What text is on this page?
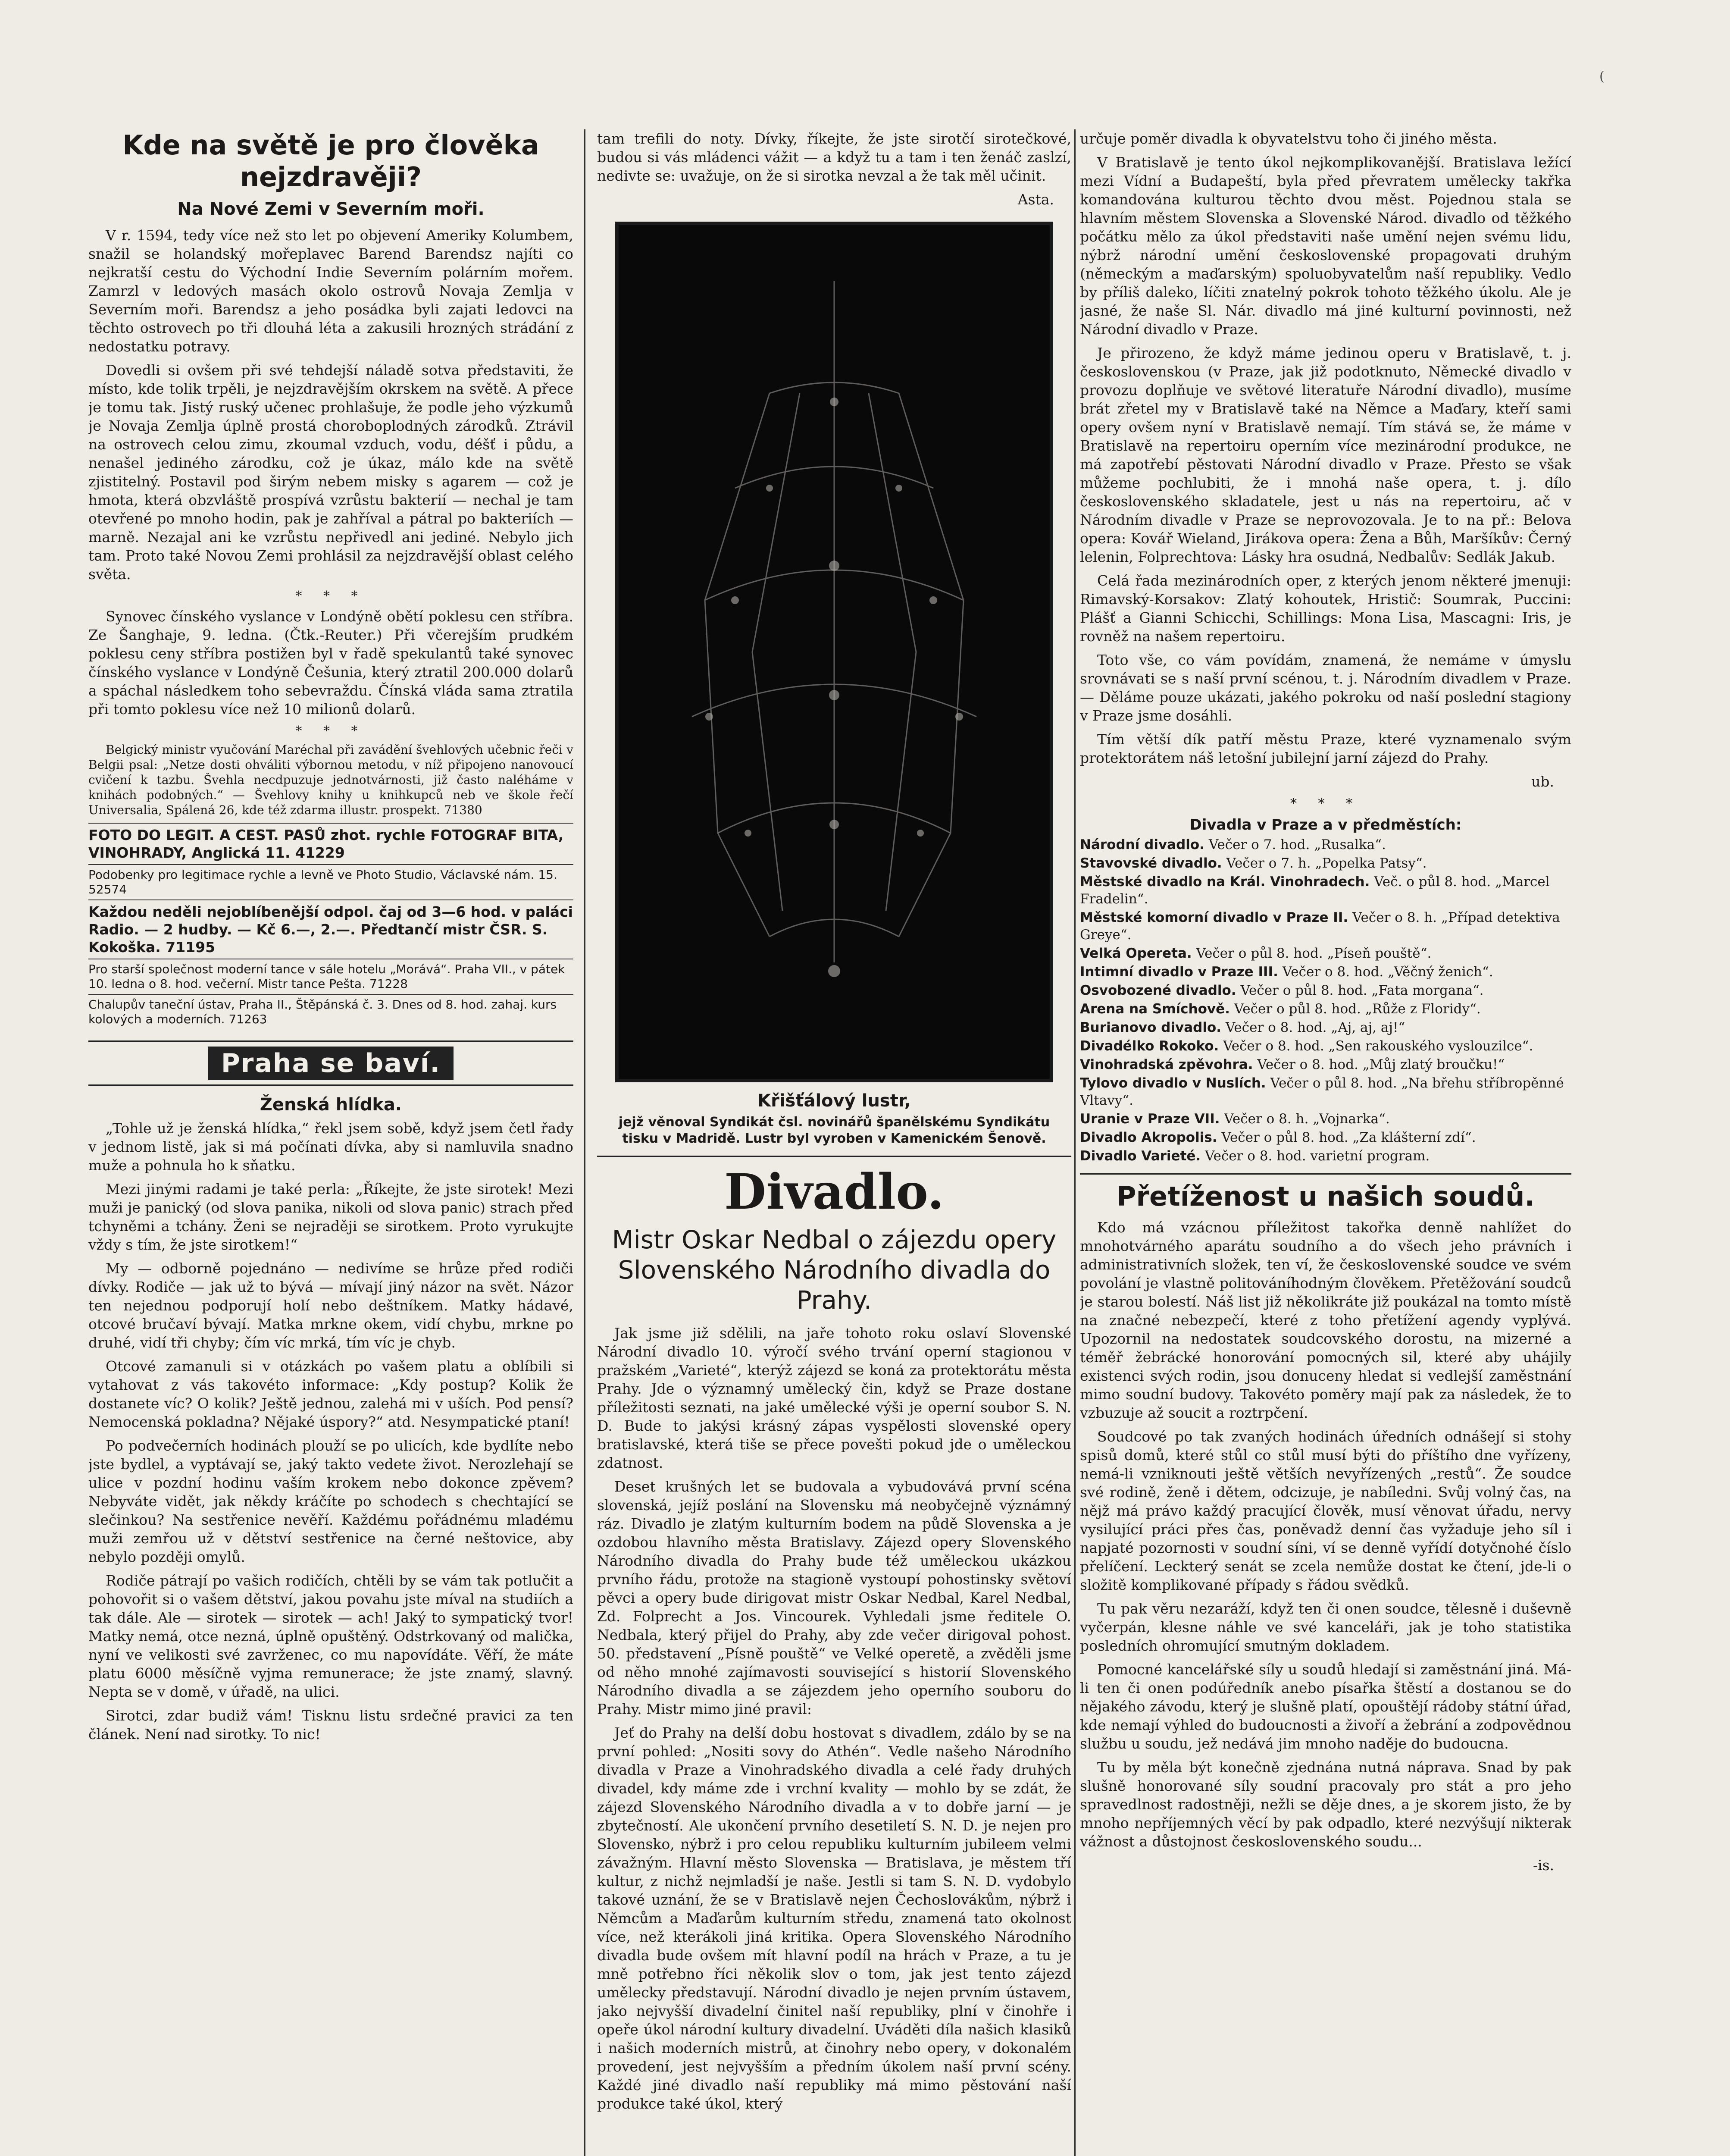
(
Kde na světě je pro člověka nejzdravěji?
Na Nové Zemi v Severním moři.

V r. 1594, tedy více než sto let po objevení Ameriky Kolumbem, snažil se holandský mořeplavec Barend Barendsz najíti co nejkratší cestu do Východní Indie Severním polárním mořem. Zamrzl v ledových masách okolo ostrovů Novaja Zemlja v Severním moři. Barendsz a jeho posádka byli zajati ledovci na těchto ostrovech po tři dlouhá léta a zakusili hrozných strádání z nedostatku potravy.

Dovedli si ovšem při své tehdejší náladě sotva představiti, že místo, kde tolik trpěli, je nejzdravějším okrskem na světě. A přece je tomu tak. Jistý ruský učenec prohlašuje, že podle jeho výzkumů je Novaja Zemlja úplně prostá choroboplodných zárodků. Ztrávil na ostrovech celou zimu, zkoumal vzduch, vodu, déšť i půdu, a nenašel jediného zárodku, což je úkaz, málo kde na světě zjistitelný. Postavil pod širým nebem misky s agarem — což je hmota, která obzvláště prospívá vzrůstu bakterií — nechal je tam otevřené po mnoho hodin, pak je zahříval a pátral po bakteriích — marně. Nezajal ani ke vzrůstu nepřivedl ani jediné. Nebylo jich tam. Proto také Novou Zemi prohlásil za nejzdravější oblast celého světa.

* * *

Synovec čínského vyslance v Londýně obětí poklesu cen stříbra. Ze Šanghaje, 9. ledna. (Čtk.-Reuter.) Při včerejším prudkém poklesu ceny stříbra postižen byl v řadě spekulantů také synovec čínského vyslance v Londýně Češunia, který ztratil 200.000 dolarů a spáchal následkem toho sebevraždu. Čínská vláda sama ztratila při tomto poklesu více než 10 milionů dolarů.

* * *

Belgický ministr vyučování Maréchal při zavádění švehlových učebnic řeči v Belgii psal: „Netze dosti ohváliti výbornou metodu, v níž připojeno nanovoucí cvičení k tazbu. Švehla necdpuzuje jednotvárnosti, již často naléháme v knihách podobných.“ — Švehlovy knihy u knihkupců neb ve škole řečí Universalia, Spálená 26, kde též zdarma illustr. prospekt. 71380

FOTO DO LEGIT. A CEST. PASŮ zhot. rychle FOTOGRAF BITA, VINOHRADY, Anglická 11. 41229
Podobenky pro legitimace rychle a levně ve Photo Studio, Václavské nám. 15. 52574
Každou neděli nejoblíbenější odpol. čaj od 3—6 hod. v paláci Radio. — 2 hudby. — Kč 6.—, 2.—. Předtančí mistr ČSR. S. Kokoška. 71195
Pro starší společnost moderní tance v sále hotelu „Morává“. Praha VII., v pátek 10. ledna o 8. hod. večerní. Mistr tance Pešta. 71228
Chalupův taneční ústav, Praha II., Štěpánská č. 3. Dnes od 8. hod. zahaj. kurs kolových a moderních. 71263
Praha se baví.
Ženská hlídka.

„Tohle už je ženská hlídka,“ řekl jsem sobě, když jsem četl řady v jednom listě, jak si má počínati dívka, aby si namluvila snadno muže a pohnula ho k sňatku.

Mezi jinými radami je také perla: „Říkejte, že jste sirotek! Mezi muži je panický (od slova panika, nikoli od slova panic) strach před tchyněmi a tchány. Ženi se nejraději se sirotkem. Proto vyrukujte vždy s tím, že jste sirotkem!“

My — odborně pojednáno — nedivíme se hrůze před rodiči dívky. Rodiče — jak už to bývá — mívají jiný názor na svět. Názor ten nejednou podporují holí nebo deštníkem. Matky hádavé, otcové bručaví bývají. Matka mrkne okem, vidí chybu, mrkne po druhé, vidí tři chyby; čím víc mrká, tím víc je chyb.

Otcové zamanuli si v otázkách po vašem platu a oblíbili si vytahovat z vás takovéto informace: „Kdy postup? Kolik že dostanete víc? O kolik? Ještě jednou, zalehá mi v uších. Pod pensí? Nemocenská pokladna? Nějaké úspory?“ atd. Nesympatické ptaní!

Po podvečerních hodinách plouží se po ulicích, kde bydlíte nebo jste bydlel, a vyptávají se, jaký takto vedete život. Nerozlehají se ulice v pozdní hodinu vaším krokem nebo dokonce zpěvem? Nebyváte vidět, jak někdy kráčíte po schodech s chechtající se slečinkou? Na sestřenice nevěří. Každému pořádnému mladému muži zemřou už v dětství sestřenice na černé neštovice, aby nebylo později omylů.

Rodiče pátrají po vašich rodičích, chtěli by se vám tak potlučit a pohovořit si o vašem dětství, jakou povahu jste míval na studiích a tak dále. Ale — sirotek — sirotek — ach! Jaký to sympatický tvor! Matky nemá, otce nezná, úplně opuštěný. Odstrkovaný od malička, nyní ve velikosti své zavrženec, co mu napovídáte. Věří, že máte platu 6000 měsíčně vyjma remunerace; že jste znamý, slavný. Nepta se v domě, v úřadě, na ulici.

Sirotci, zdar budiž vám! Tisknu listu srdečné pravici za ten článek. Není nad sirotky. To nic!

tam trefili do noty. Dívky, říkejte, že jste sirotčí sirotečkové, budou si vás mládenci vážit — a když tu a tam i ten ženáč zaslzí, nedivte se: uvažuje, on že si sirotka nevzal a že tak měl učinit.

Asta.

Křišťálový lustr,
jejž věnoval Syndikát čsl. novinářů španělskému Syndikátu tisku v Madridě. Lustr byl vyroben v Kamenickém Šenově.
Divadlo.
Mistr Oskar Nedbal o zájezdu opery Slovenského Národního divadla do Prahy.

Jak jsme již sdělili, na jaře tohoto roku oslaví Slovenské Národní divadlo 10. výročí svého trvání operní stagionou v pražském „Varieté“, kterýž zájezd se koná za protektorátu města Prahy. Jde o významný umělecký čin, když se Praze dostane příležitosti seznati, na jaké umělecké výši je operní soubor S. N. D. Bude to jakýsi krásný zápas vyspělosti slovenské opery bratislavské, která tiše se přece povešti pokud jde o uměleckou zdatnost.

Deset krušných let se budovala a vybudovává první scéna slovenská, jejíž poslání na Slovensku má neobyčejně význámný ráz. Divadlo je zlatým kulturním bodem na půdě Slovenska a je ozdobou hlavního města Bratislavy. Zájezd opery Slovenského Národního divadla do Prahy bude též uměleckou ukázkou prvního řádu, protože na stagioně vystoupí pohostinsky světoví pěvci a opery bude dirigovat mistr Oskar Nedbal, Karel Nedbal, Zd. Folprecht a Jos. Vincourek. Vyhledali jsme ředitele O. Nedbala, který přijel do Prahy, aby zde večer dirigoval pohost. 50. představení „Písně pouště“ ve Velké operetě, a zvěděli jsme od něho mnohé zajímavosti související s historií Slovenského Národního divadla a se zájezdem jeho operního souboru do Prahy. Mistr mimo jiné pravil:

Jeť do Prahy na delší dobu hostovat s divadlem, zdálo by se na první pohled: „Nositi sovy do Athén“. Vedle našeho Národního divadla v Praze a Vinohradského divadla a celé řady druhých divadel, kdy máme zde i vrchní kvality — mohlo by se zdát, že zájezd Slovenského Národního divadla a v to dobře jarní — je zbytečností. Ale ukončení prvního desetiletí S. N. D. je nejen pro Slovensko, nýbrž i pro celou republiku kulturním jubileem velmi závažným. Hlavní město Slovenska — Bratislava, je městem tří kultur, z nichž nejmladší je naše. Jestli si tam S. N. D. vydobylo takové uznání, že se v Bratislavě nejen Čechoslovákům, nýbrž i Němcům a Maďarům kulturním středu, znamená tato okolnost více, než kterákoli jiná kritika. Opera Slovenského Národního divadla bude ovšem mít hlavní podíl na hrách v Praze, a tu je mně potřebno říci několik slov o tom, jak jest tento zájezd umělecky představují. Národní divadlo je nejen prvním ústavem, jako nejvyšší divadelní činitel naší republiky, plní v činohře i opeře úkol národní kultury divadelní. Uváděti díla našich klasiků i našich moderních mistrů, at činohry nebo opery, v dokonalém provedení, jest nejvyšším a předním úkolem naší první scény. Každé jiné divadlo naší republiky má mimo pěstování naší produkce také úkol, který

určuje poměr divadla k obyvatelstvu toho či jiného města.

V Bratislavě je tento úkol nejkomplikovanější. Bratislava ležící mezi Vídní a Budapeští, byla před převratem umělecky takřka komandována kulturou těchto dvou měst. Pojednou stala se hlavním městem Slovenska a Slovenské Národ. divadlo od těžkého počátku mělo za úkol představiti naše umění nejen svému lidu, nýbrž národní umění československé propagovati druhým (německým a maďarským) spoluobyvatelům naší republiky. Vedlo by příliš daleko, líčiti znatelný pokrok tohoto těžkého úkolu. Ale je jasné, že naše Sl. Nár. divadlo má jiné kulturní povinnosti, než Národní divadlo v Praze.

Je přirozeno, že když máme jedinou operu v Bratislavě, t. j. československou (v Praze, jak již podotknuto, Německé divadlo v provozu doplňuje ve světové literatuře Národní divadlo), musíme brát zřetel my v Bratislavě také na Němce a Maďary, kteří sami opery ovšem nyní v Bratislavě nemají. Tím stává se, že máme v Bratislavě na repertoiru operním více mezinárodní produkce, ne má zapotřebí pěstovati Národní divadlo v Praze. Přesto se však můžeme pochlubiti, že i mnohá naše opera, t. j. dílo československého skladatele, jest u nás na repertoiru, ač v Národním divadle v Praze se neprovozovala. Je to na př.: Belova opera: Kovář Wieland, Jirákova opera: Žena a Bůh, Maršíkův: Černý lelenin, Folprechtova: Lásky hra osudná, Nedbalův: Sedlák Jakub.

Celá řada mezinárodních oper, z kterých jenom některé jmenuji: Rimavský-Korsakov: Zlatý kohoutek, Hristič: Soumrak, Puccini: Plášť a Gianni Schicchi, Schillings: Mona Lisa, Mascagni: Iris, je rovněž na našem repertoiru.

Toto vše, co vám povídám, znamená, že nemáme v úmyslu srovnávati se s naší první scénou, t. j. Národním divadlem v Praze. — Děláme pouze ukázati, jakého pokroku od naší poslední stagiony v Praze jsme dosáhli.

Tím větší dík patří městu Praze, které vyznamenalo svým protektorátem náš letošní jubilejní jarní zájezd do Prahy.

ub.

* * *
Divadla v Praze a v předměstích:
Národní divadlo. Večer o 7. hod. „Rusalka“.
Stavovské divadlo. Večer o 7. h. „Popelka Patsy“.
Městské divadlo na Král. Vinohradech. Več. o půl 8. hod. „Marcel Fradelin“.
Městské komorní divadlo v Praze II. Večer o 8. h. „Případ detektiva Greye“.
Velká Opereta. Večer o půl 8. hod. „Píseň pouště“.
Intimní divadlo v Praze III. Večer o 8. hod. „Věčný ženich“.
Osvobozené divadlo. Večer o půl 8. hod. „Fata morgana“.
Arena na Smíchově. Večer o půl 8. hod. „Růže z Floridy“.
Burianovo divadlo. Večer o 8. hod. „Aj, aj, aj!“
Divadélko Rokoko. Večer o 8. hod. „Sen rakouského vyslouzilce“.
Vinohradská zpěvohra. Večer o 8. hod. „Můj zlatý broučku!“
Tylovo divadlo v Nuslích. Večer o půl 8. hod. „Na břehu stříbropěnné Vltavy“.
Uranie v Praze VII. Večer o 8. h. „Vojnarka“.
Divadlo Akropolis. Večer o půl 8. hod. „Za klášterní zdí“.
Divadlo Varieté. Večer o 8. hod. varietní program.
Přetíženost u našich soudů.

Kdo má vzácnou příležitost takořka denně nahlížet do mnohotvárného aparátu soudního a do všech jeho právních i administrativních složek, ten ví, že československé soudce ve svém povolání je vlastně politováníhodným člověkem. Přetěžování soudců je starou bolestí. Náš list již několikráte již poukázal na tomto místě na značné nebezpečí, které z toho přetížení agendy vyplývá. Upozornil na nedostatek soudcovského dorostu, na mizerné a téměř žebrácké honorování pomocných sil, které aby uhájily existenci svých rodin, jsou donuceny hledat si vedlejší zaměstnání mimo soudní budovy. Takovéto poměry mají pak za následek, že to vzbuzuje až soucit a roztrpčení.

Soudcové po tak zvaných hodinách úředních odnášejí si stohy spisů domů, které stůl co stůl musí býti do příštího dne vyřízeny, nemá-li vzniknouti ještě větších nevyřízených „restů“. Že soudce své rodině, ženě i dětem, odcizuje, je nabíledni. Svůj volný čas, na nějž má právo každý pracující člověk, musí věnovat úřadu, nervy vysilující práci přes čas, poněvadž denní čas vyžaduje jeho síl i napjaté pozornosti v soudní síni, ví se denně vyřídí dotyčnohé číslo přelíčení. Leckterý senát se zcela nemůže dostat ke čtení, jde-li o složitě komplikované případy s řádou svědků.

Tu pak věru nezaráží, když ten či onen soudce, tělesně i duševně vyčerpán, klesne náhle ve své kanceláři, jak je toho statistika posledních ohromující smutným dokladem.

Pomocné kancelářské síly u soudů hledají si zaměstnání jiná. Má-li ten či onen podúředník anebo písařka štěstí a dostanou se do nějakého závodu, který je slušně platí, opouštějí rádoby státní úřad, kde nemají výhled do budoucnosti a živoří a žebrání a zodpovědnou službu u soudu, jež nedává jim mnoho naděje do budoucna.

Tu by měla být konečně zjednána nutná náprava. Snad by pak slušně honorované síly soudní pracovaly pro stát a pro jeho spravedlnost radostněji, nežli se děje dnes, a je skorem jisto, že by mnoho nepříjemných věcí by pak odpadlo, které nezvýšují nikterak vážnost a důstojnost československého soudu...

-is.
